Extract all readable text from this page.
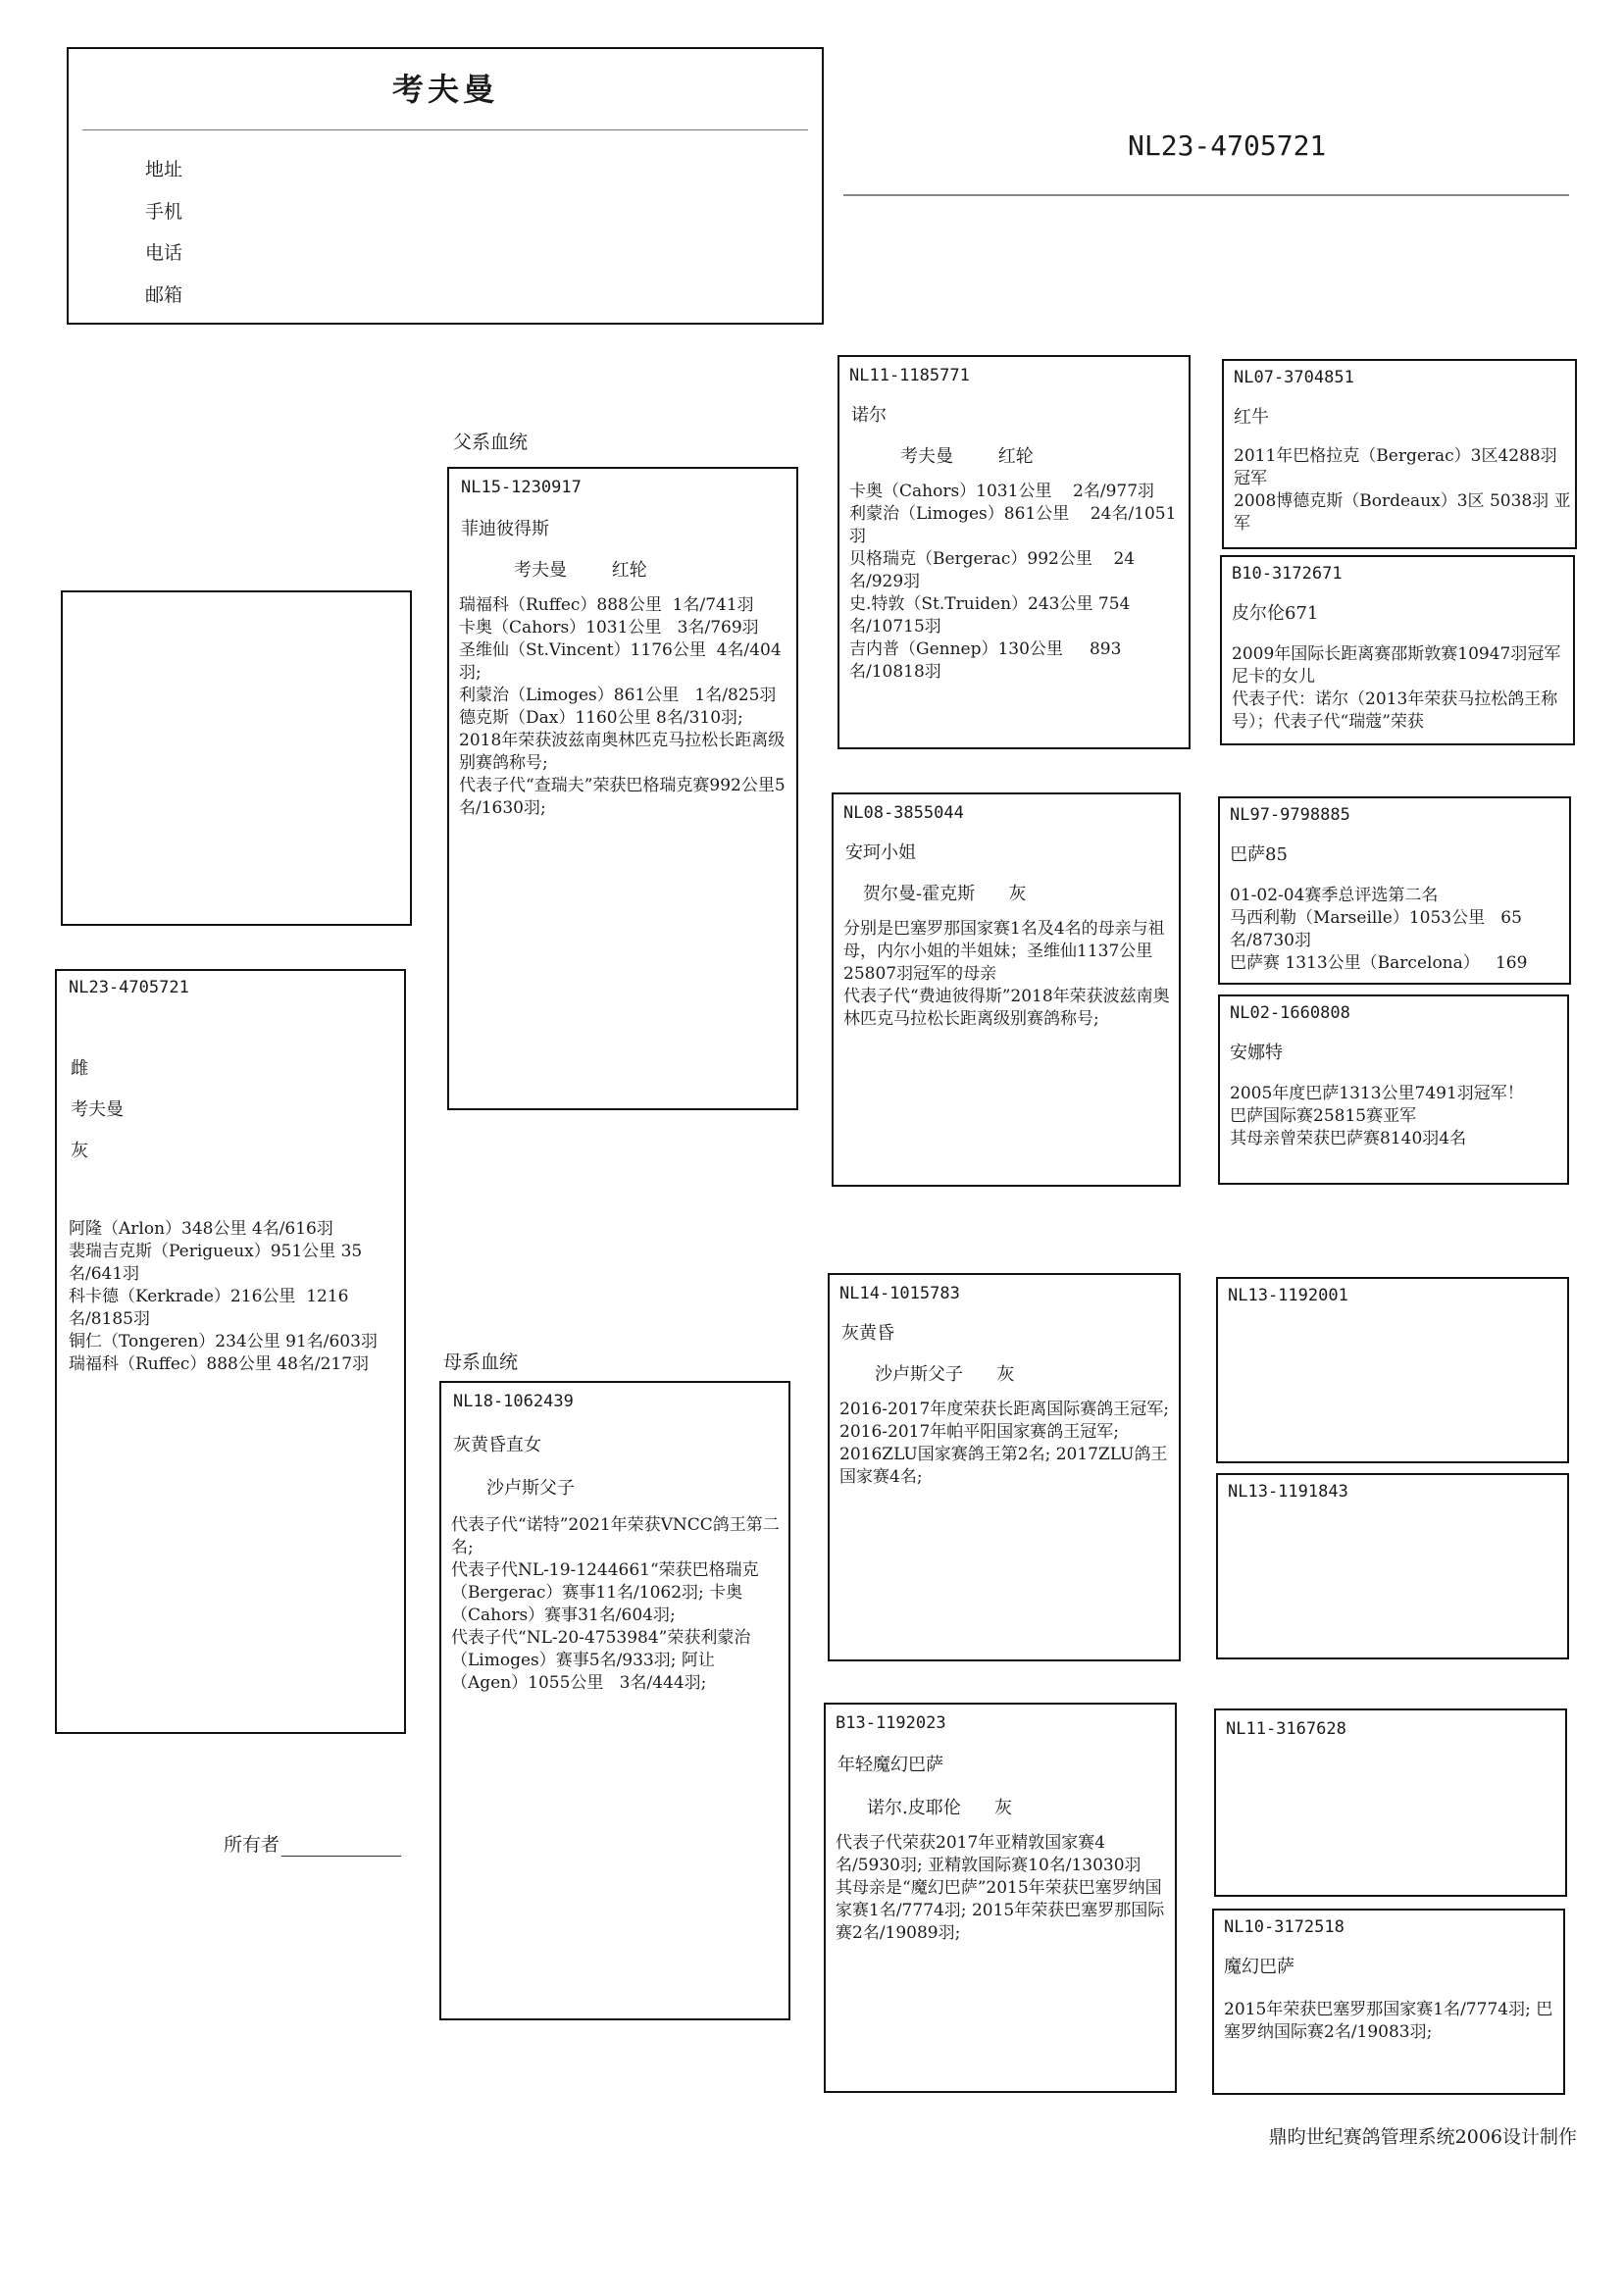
考夫曼
地址
手机
电话
邮箱
NL23-4705721
NL23-4705721
雌
考夫曼
灰
阿隆（Arlon）348公里 4名/616羽
裴瑞吉克斯（Perigueux）951公里 35名/641羽
科卡德（Kerkrade）216公里  1216名/8185羽
铜仁（Tongeren）234公里 91名/603羽
瑞福科（Ruffec）888公里 48名/217羽
父系血统
母系血统
NL15-1230917
菲迪彼得斯
考夫曼        红轮
瑞福科（Ruffec）888公里  1名/741羽
卡奥（Cahors）1031公里   3名/769羽
圣维仙（St.Vincent）1176公里  4名/404羽;
利蒙治（Limoges）861公里   1名/825羽
德克斯（Dax）1160公里 8名/310羽;
2018年荣获波兹南奥林匹克马拉松长距离级别赛鸽称号;
代表子代“查瑞夫”荣获巴格瑞克赛992公里5名/1630羽;
NL18-1062439
灰黄昏直女
沙卢斯父子
代表子代“诺特”2021年荣获VNCC鸽王第二名;
代表子代NL-19-1244661“荣获巴格瑞克（Bergerac）赛事11名/1062羽; 卡奥（Cahors）赛事31名/604羽;
代表子代“NL-20-4753984”荣获利蒙治（Limoges）赛事5名/933羽; 阿让（Agen）1055公里   3名/444羽;
NL11-1185771
诺尔
考夫曼        红轮
卡奥（Cahors）1031公里    2名/977羽
利蒙治（Limoges）861公里    24名/1051羽
贝格瑞克（Bergerac）992公里    24名/929羽
史.特敦（St.Truiden）243公里 754名/10715羽
吉内普（Gennep）130公里     893名/10818羽
NL08-3855044
安珂小姐
贺尔曼-霍克斯      灰
分别是巴塞罗那国家赛1名及4名的母亲与祖母，内尔小姐的半姐妹；圣维仙1137公里25807羽冠军的母亲
代表子代“费迪彼得斯”2018年荣获波兹南奥林匹克马拉松长距离级别赛鸽称号;
NL14-1015783
灰黄昏
沙卢斯父子      灰
2016-2017年度荣获长距离国际赛鸽王冠军;
2016-2017年帕平阳国家赛鸽王冠军;
2016ZLU国家赛鸽王第2名; 2017ZLU鸽王国家赛4名;
B13-1192023
年轻魔幻巴萨
诺尔.皮耶伦      灰
代表子代荣获2017年亚精敦国家赛4名/5930羽; 亚精敦国际赛10名/13030羽
其母亲是“魔幻巴萨”2015年荣获巴塞罗纳国家赛1名/7774羽; 2015年荣获巴塞罗那国际赛2名/19089羽;
NL07-3704851
红牛
2011年巴格拉克（Bergerac）3区4288羽冠军
2008博德克斯（Bordeaux）3区 5038羽 亚军
B10-3172671
皮尔伦671
2009年国际长距离赛邵斯敦赛10947羽冠军尼卡的女儿
代表子代：诺尔（2013年荣获马拉松鸽王称号）；代表子代“瑞蔻”荣获
NL97-9798885
巴萨85
01-02-04赛季总评选第二名
马西利勒（Marseille）1053公里   65名/8730羽
巴萨赛 1313公里（Barcelona）   169
NL02-1660808
安娜特
2005年度巴萨1313公里7491羽冠军！
巴萨国际赛25815赛亚军
其母亲曾荣获巴萨赛8140羽4名
NL13-1192001
NL13-1191843
NL11-3167628
NL10-3172518
魔幻巴萨
2015年荣获巴塞罗那国家赛1名/7774羽; 巴塞罗纳国际赛2名/19083羽;
所有者
鼎昀世纪赛鸽管理系统2006设计制作
